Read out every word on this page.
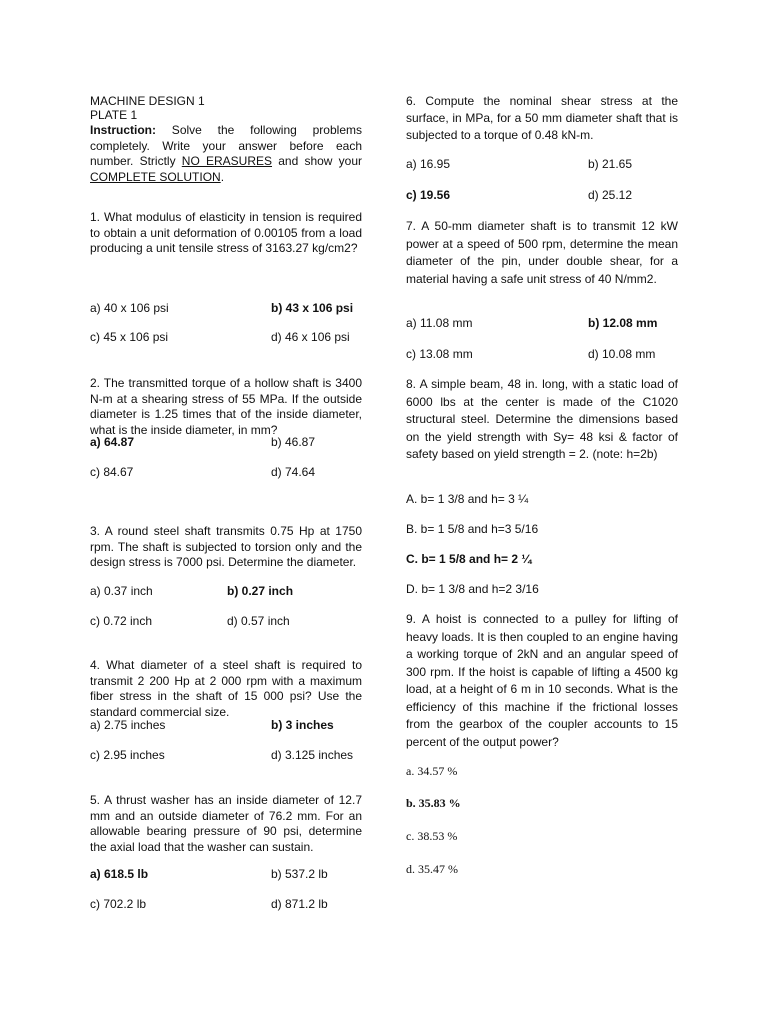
MACHINE DESIGN 1
PLATE 1
Instruction: Solve the following problems completely. Write your answer before each number. Strictly NO ERASURES and show your COMPLETE SOLUTION.
1. What modulus of elasticity in tension is required to obtain a unit deformation of 0.00105 from a load producing a unit tensile stress of 3163.27 kg/cm2?
a) 40 x 106 psi	b) 43 x 106 psi
c) 45 x 106 psi	d) 46 x 106 psi
2. The transmitted torque of a hollow shaft is 3400 N-m at a shearing stress of 55 MPa. If the outside diameter is 1.25 times that of the inside diameter, what is the inside diameter, in mm?
a) 64.87	b) 46.87
c) 84.67	d) 74.64
3. A round steel shaft transmits 0.75 Hp at 1750 rpm. The shaft is subjected to torsion only and the design stress is 7000 psi. Determine the diameter.
a) 0.37 inch	b) 0.27 inch
c) 0.72 inch	d) 0.57 inch
4. What diameter of a steel shaft is required to transmit 2 200 Hp at 2 000 rpm with a maximum fiber stress in the shaft of 15 000 psi? Use the standard commercial size.
a) 2.75 inches	b) 3 inches
c) 2.95 inches	d) 3.125 inches
5. A thrust washer has an inside diameter of 12.7 mm and an outside diameter of 76.2 mm. For an allowable bearing pressure of 90 psi, determine the axial load that the washer can sustain.
a) 618.5 lb	b) 537.2 lb
c) 702.2 lb	d) 871.2 lb
6. Compute the nominal shear stress at the surface, in MPa, for a 50 mm diameter shaft that is subjected to a torque of 0.48 kN-m.
a) 16.95	b) 21.65
c) 19.56	d) 25.12
7. A 50-mm diameter shaft is to transmit 12 kW power at a speed of 500 rpm, determine the mean diameter of the pin, under double shear, for a material having a safe unit stress of 40 N/mm2.
a) 11.08 mm	b) 12.08 mm
c) 13.08 mm	d) 10.08 mm
8. A simple beam, 48 in. long, with a static load of 6000 lbs at the center is made of the C1020 structural steel. Determine the dimensions based on the yield strength with Sy= 48 ksi & factor of safety based on yield strength = 2. (note: h=2b)
A. b= 1 3/8 and h= 3 ¼
B. b= 1 5/8 and h=3 5/16
C. b= 1 5/8 and h= 2 ¼
D. b= 1 3/8 and h=2 3/16
9. A hoist is connected to a pulley for lifting of heavy loads. It is then coupled to an engine having a working torque of 2kN and an angular speed of 300 rpm. If the hoist is capable of lifting a 4500 kg load, at a height of 6 m in 10 seconds. What is the efficiency of this machine if the frictional losses from the gearbox of the coupler accounts to 15 percent of the output power?
a. 34.57 %
b. 35.83 %
c. 38.53 %
d. 35.47 %
